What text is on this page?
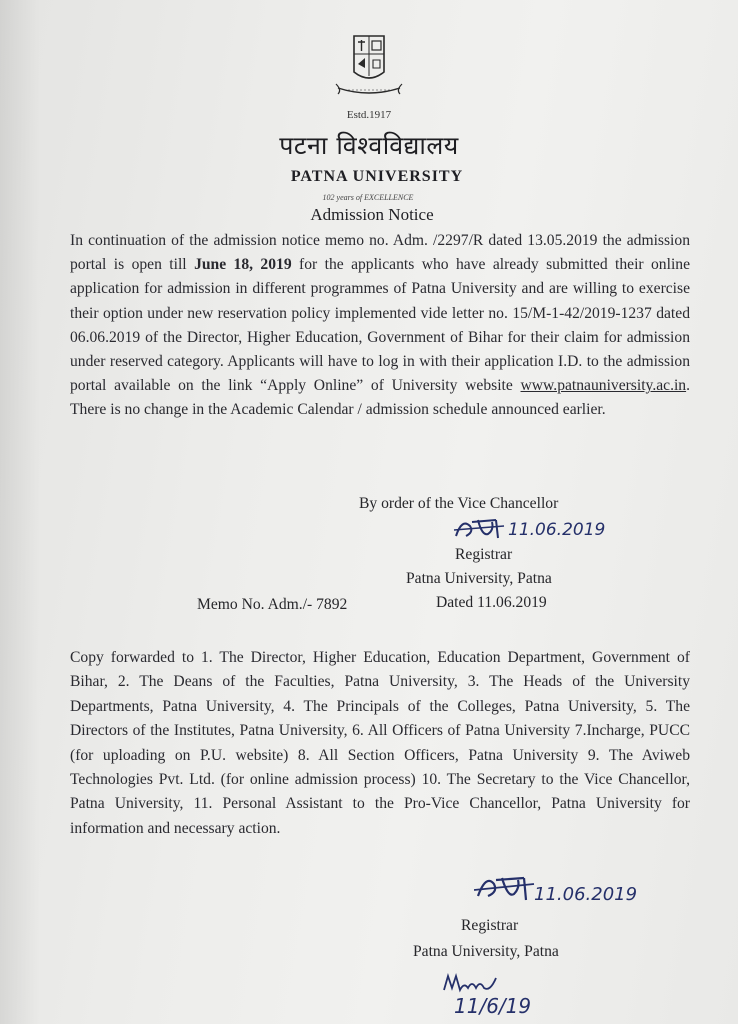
Estd.1917
पटना विश्वविद्यालय
PATNA UNIVERSITY
102 years of EXCELLENCE
Admission Notice

In continuation of the admission notice memo no. Adm. /2297/R dated 13.05.2019 the admission portal is open till June 18, 2019 for the applicants who have already submitted their online application for admission in different programmes of Patna University and are willing to exercise their option under new reservation policy implemented vide letter no. 15/M-1-42/2019-1237 dated 06.06.2019 of the Director, Higher Education, Government of Bihar for their claim for admission under reserved category. Applicants will have to log in with their application I.D. to the admission portal available on the link “Apply Online” of University website www.patnauniversity.ac.in. There is no change in the Academic Calendar / admission schedule announced earlier.

By order of the Vice Chancellor
11.06.2019
Registrar
Patna University, Patna
Memo No. Adm./- 7892	Dated 11.06.2019

Copy forwarded to 1. The Director, Higher Education, Education Department, Government of Bihar, 2. The Deans of the Faculties, Patna University, 3. The Heads of the University Departments, Patna University, 4. The Principals of the Colleges, Patna University, 5. The Directors of the Institutes, Patna University, 6. All Officers of Patna University 7.Incharge, PUCC (for uploading on P.U. website) 8. All Section Officers, Patna University 9. The Aviweb Technologies Pvt. Ltd. (for online admission process) 10. The Secretary to the Vice Chancellor, Patna University, 11. Personal Assistant to the Pro-Vice Chancellor, Patna University for information and necessary action.

11.06.2019
Registrar
Patna University, Patna
11/6/19
